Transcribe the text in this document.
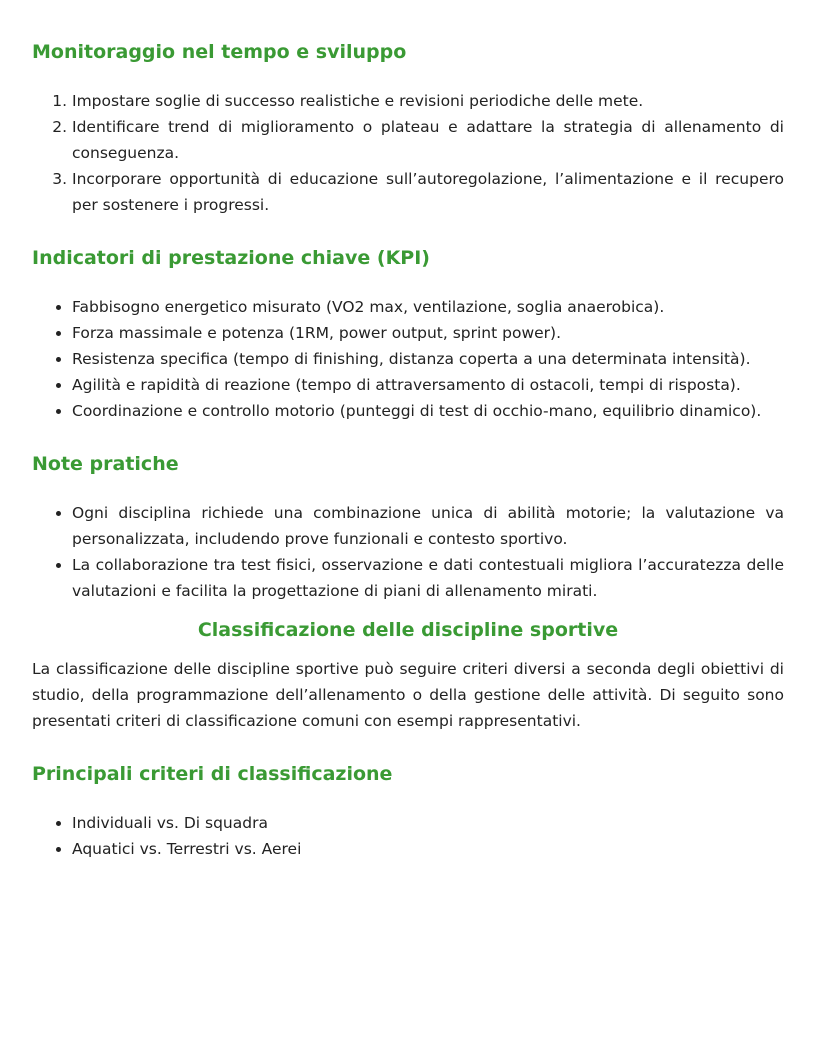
Monitoraggio nel tempo e sviluppo
1. Impostare soglie di successo realistiche e revisioni periodiche delle mete.
2. Identificare trend di miglioramento o plateau e adattare la strategia di allenamento di conseguenza.
3. Incorporare opportunità di educazione sull’autoregolazione, l’alimentazione e il recupero per sostenere i progressi.
Indicatori di prestazione chiave (KPI)
• Fabbisogno energetico misurato (VO2 max, ventilazione, soglia anaerobica).
• Forza massimale e potenza (1RM, power output, sprint power).
• Resistenza specifica (tempo di finishing, distanza coperta a una determinata intensità).
• Agilità e rapidità di reazione (tempo di attraversamento di ostacoli, tempi di risposta).
• Coordinazione e controllo motorio (punteggi di test di occhio-mano, equilibrio dinamico).
Note pratiche
• Ogni disciplina richiede una combinazione unica di abilità motorie; la valutazione va personalizzata, includendo prove funzionali e contesto sportivo.
• La collaborazione tra test fisici, osservazione e dati contestuali migliora l’accuratezza delle valutazioni e facilita la progettazione di piani di allenamento mirati.
Classificazione delle discipline sportive

La classificazione delle discipline sportive può seguire criteri diversi a seconda degli obiettivi di studio, della programmazione dell’allenamento o della gestione delle attività. Di seguito sono presentati criteri di classificazione comuni con esempi rappresentativi.

Principali criteri di classificazione
• Individuali vs. Di squadra
• Aquatici vs. Terrestri vs. Aerei
